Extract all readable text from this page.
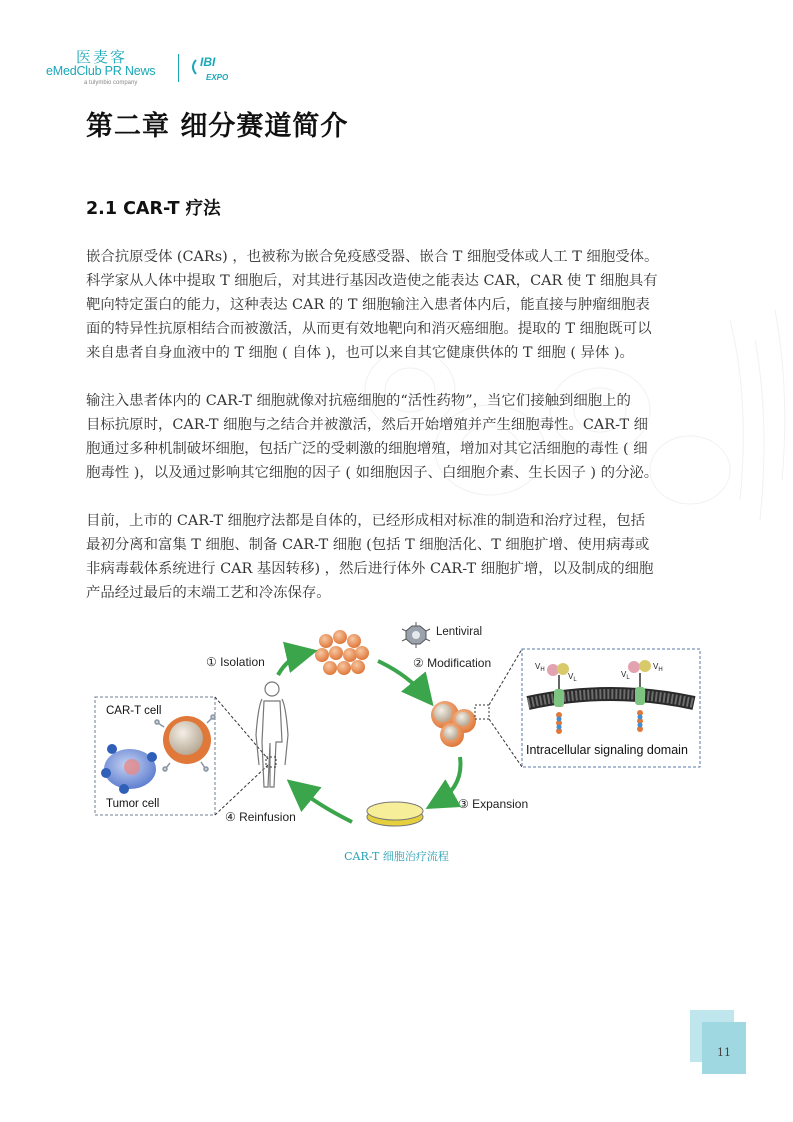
医麦客
eMedClub PR News
a tulymbio company
IBI
EXPO
第二章 细分赛道简介
2.1 CAR-T 疗法
嵌合抗原受体 (CARs) ，也被称为嵌合免疫感受器、嵌合 T 细胞受体或人工 T 细胞受体。
科学家从人体中提取 T 细胞后，对其进行基因改造使之能表达 CAR，CAR 使 T 细胞具有
靶向特定蛋白的能力，这种表达 CAR 的 T 细胞输注入患者体内后，能直接与肿瘤细胞表
面的特异性抗原相结合而被激活，从而更有效地靶向和消灭癌细胞。提取的 T 细胞既可以
来自患者自身血液中的 T 细胞 ( 自体 )，也可以来自其它健康供体的 T 细胞 ( 异体 )。
输注入患者体内的 CAR-T 细胞就像对抗癌细胞的“活性药物”，当它们接触到细胞上的
目标抗原时，CAR-T 细胞与之结合并被激活，然后开始增殖并产生细胞毒性。CAR-T 细
胞通过多种机制破坏细胞，包括广泛的受刺激的细胞增殖，增加对其它活细胞的毒性 ( 细
胞毒性 )，以及通过影响其它细胞的因子 ( 如细胞因子、白细胞介素、生长因子 ) 的分泌。
目前，上市的 CAR-T 细胞疗法都是自体的，已经形成相对标准的制造和治疗过程，包括
最初分离和富集 T 细胞、制备 CAR-T 细胞 (包括 T 细胞活化、T 细胞扩增、使用病毒或
非病毒载体系统进行 CAR 基因转移) ，然后进行体外 CAR-T 细胞扩增，以及制成的细胞
产品经过最后的末端工艺和冷冻保存。
CAR-T cell
Tumor cell
① Isolation	② Modification
③ Expansion
④ Reinfusion
Lentiviral
$V_H$
$V_L$
$V_H$
$V_L$
Intracellular signaling domain
CAR-T 细胞治疗流程
11
